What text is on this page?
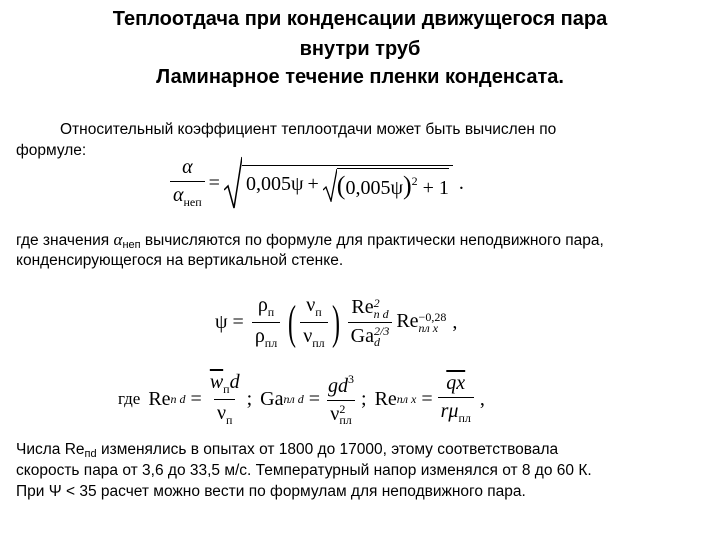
Теплоотдача при конденсации движущегося пара
внутри труб
Ламинарное течение пленки конденсата.
Относительный коэффициент теплоотдачи может быть вычислен по
формуле:
$\frac{\alpha}{\alpha_{неп}} = 0,005\psi + (0,005\psi)^2 + 1$ .
где значения αнеп вычисляются по формуле для практически неподвижного пара,
конденсирующегося на вертикальной стенке.
$\psi = \frac{\rho_п}{\rho_{пл}}$ ( $\frac{\nu_п}{\nu_{пл}}$ ) Re 2
п d
Ga 2/3
d Re −0,28
пл x ,
где Re п $d = \frac{\overline{w}_пd}{\nu_п}$ ; Ga пл $d = gd^3$
ν 2
пл ; Re пл $x = \frac{\overline{qx}}{r\mu_{пл}}$ ,
Числа Reпd изменялись в опытах от 1800 до 17000, этому соответствовала
скорость пара от 3,6 до 33,5 м/с. Температурный напор изменялся от 8 до 60 К.
При Ψ < 35 расчет можно вести по формулам для неподвижного пара.
